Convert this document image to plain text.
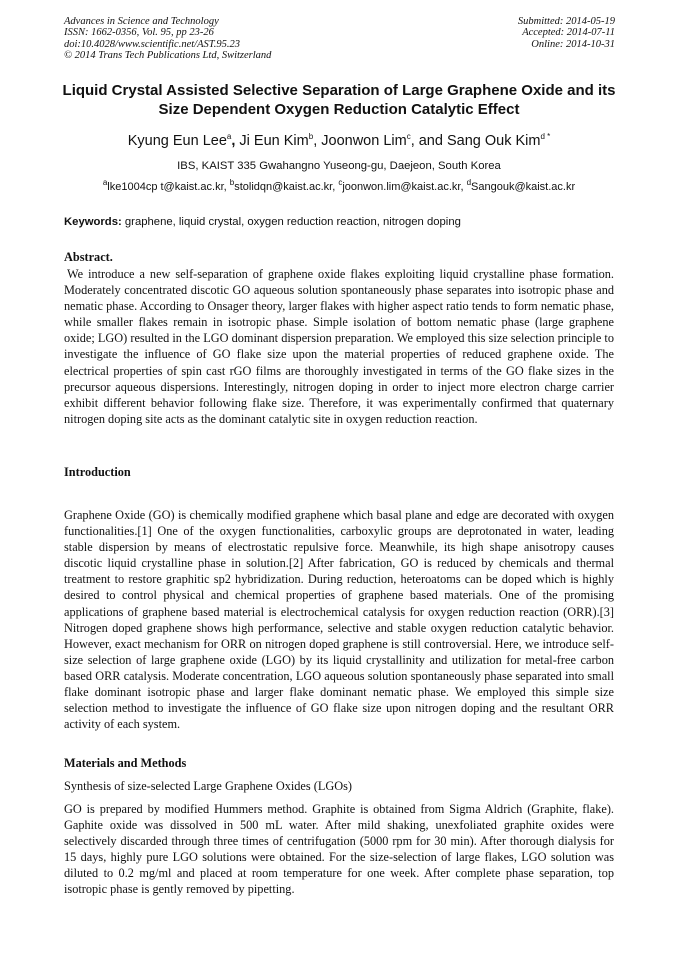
Advances in Science and Technology
ISSN: 1662-0356, Vol. 95, pp 23-26
doi:10.4028/www.scientific.net/AST.95.23
© 2014 Trans Tech Publications Ltd, Switzerland
Submitted: 2014-05-19
Accepted: 2014-07-11
Online: 2014-10-31
Liquid Crystal Assisted Selective Separation of Large Graphene Oxide and its Size Dependent Oxygen Reduction Catalytic Effect
Kyung Eun Lee$^a$, Ji Eun Kim$^b$, Joonwon Lim$^c$, and Sang Ouk Kim$^{d *}$
IBS, KAIST 335 Gwahangno Yuseong-gu, Daejeon, South Korea
$^a$lke1004cp t@kaist.ac.kr, $^b$stolidqn@kaist.ac.kr, $^c$joonwon.lim@kaist.ac.kr, $^d$Sangouk@kaist.ac.kr
Keywords: graphene, liquid crystal, oxygen reduction reaction, nitrogen doping
Abstract.
We introduce a new self-separation of graphene oxide flakes exploiting liquid crystalline phase formation. Moderately concentrated discotic GO aqueous solution spontaneously phase separates into isotropic phase and nematic phase. According to Onsager theory, larger flakes with higher aspect ratio tends to form nematic phase, while smaller flakes remain in isotropic phase. Simple isolation of bottom nematic phase (large graphene oxide; LGO) resulted in the LGO dominant dispersion preparation. We employed this size selection principle to investigate the influence of GO flake size upon the material properties of reduced graphene oxide. The electrical properties of spin cast rGO films are thoroughly investigated in terms of the GO flake sizes in the precursor aqueous dispersions. Interestingly, nitrogen doping in order to inject more electron charge carrier exhibit different behavior following flake size. Therefore, it was experimentally confirmed that quaternary nitrogen doping site acts as the dominant catalytic site in oxygen reduction reaction.
Introduction
Graphene Oxide (GO) is chemically modified graphene which basal plane and edge are decorated with oxygen functionalities.[1] One of the oxygen functionalities, carboxylic groups are deprotonated in water, leading stable dispersion by means of electrostatic repulsive force. Meanwhile, its high shape anisotropy causes discotic liquid crystalline phase in solution.[2] After fabrication, GO is reduced by chemicals and thermal treatment to restore graphitic sp2 hybridization. During reduction, heteroatoms can be doped which is highly desired to control physical and chemical properties of graphene based materials. One of the promising applications of graphene based material is electrochemical catalysis for oxygen reduction reaction (ORR).[3] Nitrogen doped graphene shows high performance, selective and stable oxygen reduction catalytic behavior. However, exact mechanism for ORR on nitrogen doped graphene is still controversial. Here, we introduce self-size selection of large graphene oxide (LGO) by its liquid crystallinity and utilization for metal-free carbon based ORR catalysis. Moderate concentration, LGO aqueous solution spontaneously phase separated into small flake dominant isotropic phase and larger flake dominant nematic phase. We employed this simple size selection method to investigate the influence of GO flake size upon nitrogen doping and the resultant ORR activity of each system.
Materials and Methods
Synthesis of size-selected Large Graphene Oxides (LGOs)
GO is prepared by modified Hummers method. Graphite is obtained from Sigma Aldrich (Graphite, flake). Gaphite oxide was dissolved in 500 mL water. After mild shaking, unexfoliated graphite oxides were selectively discarded through three times of centrifugation (5000 rpm for 30 min). After thorough dialysis for 15 days, highly pure LGO solutions were obtained. For the size-selection of large flakes, LGO solution was diluted to 0.2 mg/ml and placed at room temperature for one week. After complete phase separation, top isotropic phase is gently removed by pipetting.
